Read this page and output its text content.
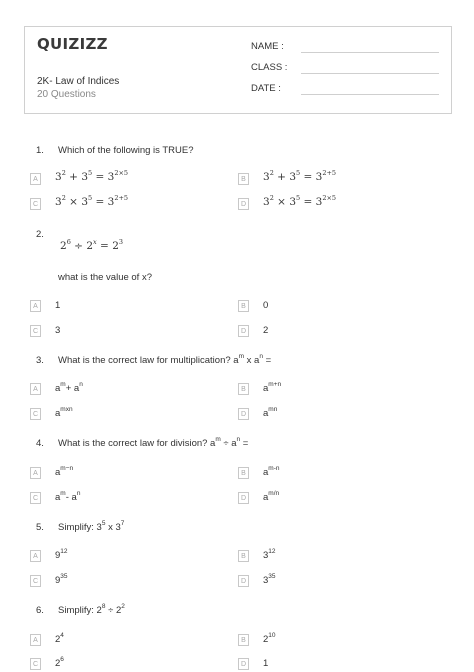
QUIZIZZ
2K- Law of Indices
20 Questions
NAME :
CLASS :
DATE :
1. Which of the following is TRUE?
A	$3^2 + 3^5 = 3^{2\times 5}$
B	$3^2 + 3^5 = 3^{2+5}$
C $3^2 \times 3^5 = 3^{2+5}$
D $3^2 \times 3^5 = 3^{2\times 5}$
2.
$2^6 \div 2^x = 2^3$
what is the value of x?
A	1	B	0
C	3	D	2
3. What is the correct law for multiplication? $a^m$ x $a^n$ =
A	$a^m+ a^n$
B	$a^{m+n}$
C	$a^{mxn}$
D	$a^{mn}$
4. What is the correct law for division? $a^m \div a^n$ =
A	$a^{m-n}$
B	$a^{m-n}$
C	$a^m-$ $a^n$
D	$a^{m/n}$
5. Simplify: $3^5$ x $3^7$
A	$9^{12}$
B	$3^{12}$
C	$9^{35}$
D	$3^{35}$
6. Simplify: $2^8 \div 2^2$
A	$2^4$
B	$2^{10}$
C	$2^6$
D	1
